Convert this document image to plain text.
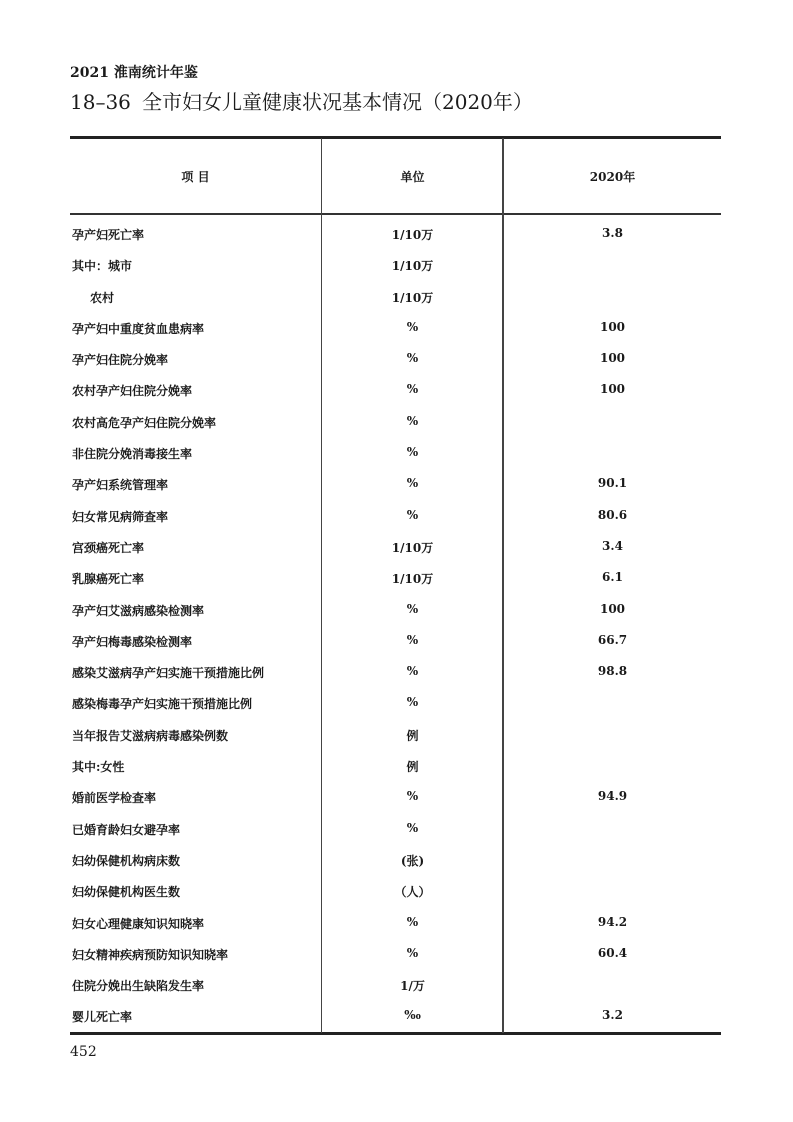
2021 淮南统计年鉴
18–36 全市妇女儿童健康状况基本情况（2020年）
项 目	单位	2020年
孕产妇死亡率	1/10万	3.8
其中：城市	1/10万
农村	1/10万
孕产妇中重度贫血患病率	%	100
孕产妇住院分娩率	%	100
农村孕产妇住院分娩率	%	100
农村高危孕产妇住院分娩率	%
非住院分娩消毒接生率	%
孕产妇系统管理率	%	90.1
妇女常见病筛查率	%	80.6
宫颈癌死亡率	1/10万	3.4
乳腺癌死亡率	1/10万	6.1
孕产妇艾滋病感染检测率	%	100
孕产妇梅毒感染检测率	%	66.7
感染艾滋病孕产妇实施干预措施比例	%	98.8
感染梅毒孕产妇实施干预措施比例	%
当年报告艾滋病病毒感染例数	例
其中:女性	例
婚前医学检查率	%	94.9
已婚育龄妇女避孕率	%
妇幼保健机构病床数	(张)
妇幼保健机构医生数	（人）
妇女心理健康知识知晓率	%	94.2
妇女精神疾病预防知识知晓率	%	60.4
住院分娩出生缺陷发生率	1/万
婴儿死亡率	‰	3.2
452
